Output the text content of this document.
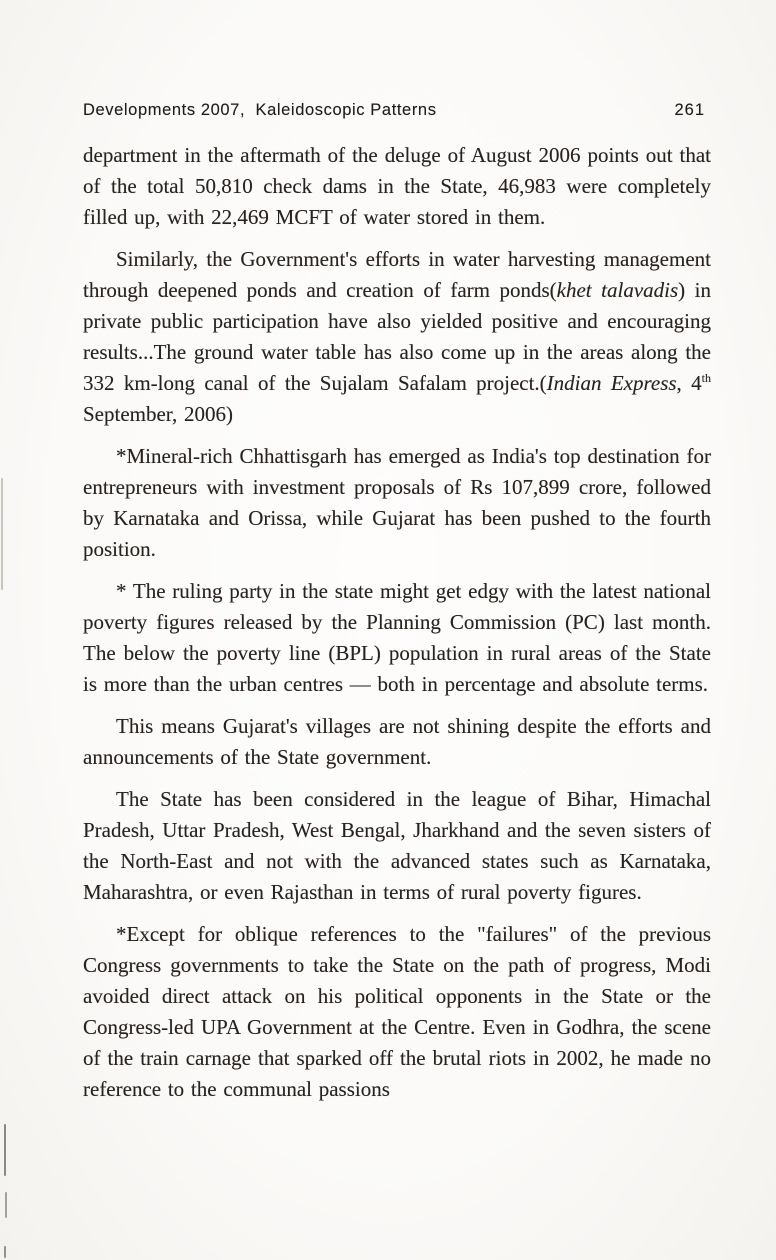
Developments 2007,  Kaleidoscopic Patterns	261

department in the aftermath of the deluge of August 2006 points out that of the total 50,810 check dams in the State, 46,983 were completely filled up, with 22,469 MCFT of water stored in them.

Similarly, the Government's efforts in water harvesting management through deepened ponds and creation of farm ponds(khet talavadis) in private public participation have also yielded positive and encouraging results...The ground water table has also come up in the areas along the 332 km-long canal of the Sujalam Safalam project.(Indian Express, 4th September, 2006)

*Mineral-rich Chhattisgarh has emerged as India's top destination for entrepreneurs with investment proposals of Rs 107,899 crore, followed by Karnataka and Orissa, while Gujarat has been pushed to the fourth position.

* The ruling party in the state might get edgy with the latest national poverty figures released by the Planning Commission (PC) last month. The below the poverty line (BPL) population in rural areas of the State is more than the urban centres — both in percentage and absolute terms.

This means Gujarat's villages are not shining despite the efforts and announcements of the State government.

The State has been considered in the league of Bihar, Himachal Pradesh, Uttar Pradesh, West Bengal, Jharkhand and the seven sisters of the North-East and not with the advanced states such as Karnataka, Maharashtra, or even Rajasthan in terms of rural poverty figures.

*Except for oblique references to the "failures" of the previous Congress governments to take the State on the path of progress, Modi avoided direct attack on his political opponents in the State or the Congress-led UPA Government at the Centre. Even in Godhra, the scene of the train carnage that sparked off the brutal riots in 2002, he made no reference to the communal passions
